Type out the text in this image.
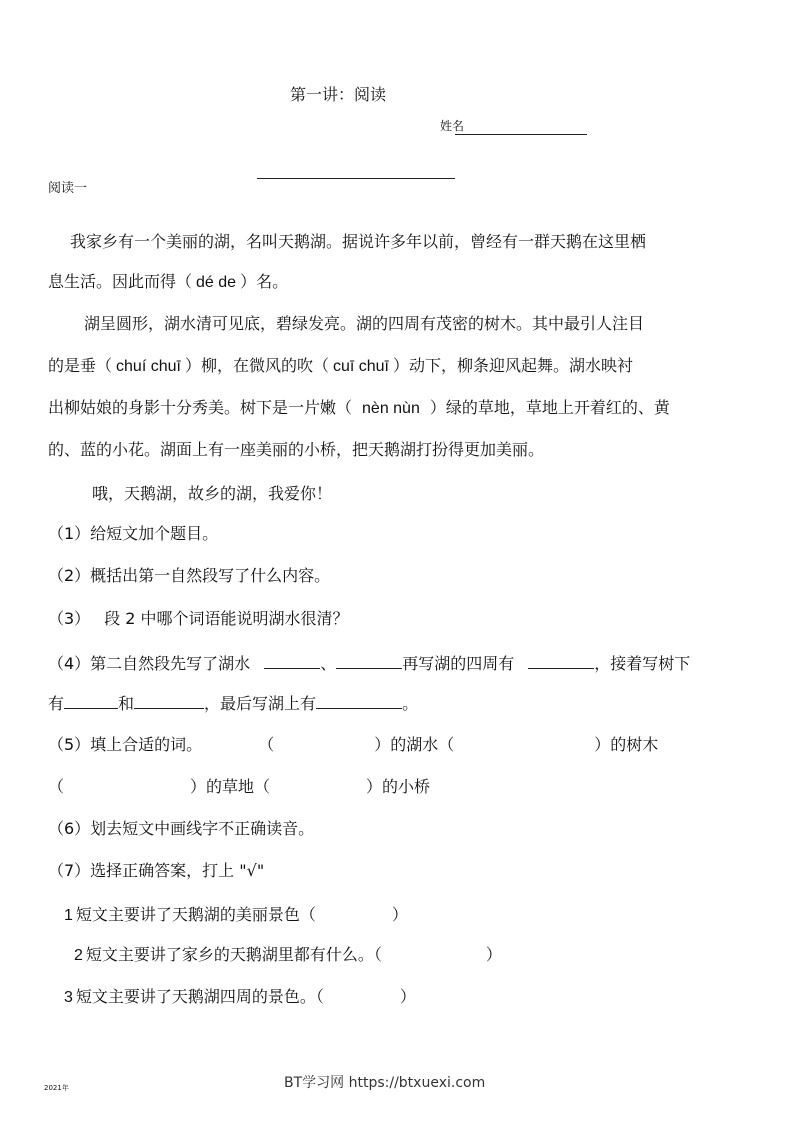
第一讲：阅读
姓名
阅读一
我家乡有一个美丽的湖，名叫天鹅湖。据说许多年以前，曾经有一群天鹅在这里栖
息生活。因此而得（ dé de ）名。
湖呈圆形，湖水清可见底，碧绿发亮。湖的四周有茂密的树木。其中最引人注目
的是垂（ chuí chuī ）柳，在微风的吹（ cuī chuī ）动下，柳条迎风起舞。湖水映衬
出柳姑娘的身影十分秀美。树下是一片嫩（ nèn nùn ）绿的草地，草地上开着红的、黄
的、蓝的小花。湖面上有一座美丽的小桥，把天鹅湖打扮得更加美丽。
哦，天鹅湖，故乡的湖，我爱你！
（1）给短文加个题目。
（2）概括出第一自然段写了什么内容。
（3） 段 2 中哪个词语能说明湖水很清？
（4）第二自然段先写了湖水	、	再写湖的四周有	，接着写树下
有	和	，最后写湖上有	。
（5）填上合适的词。	（	）的湖水（	）的树木
（	）的草地（	）的小桥
（6）划去短文中画线字不正确读音。
（7）选择正确答案，打上 "√"
1 短文主要讲了天鹅湖的美丽景色（	）
2 短文主要讲了家乡的天鹅湖里都有什么。（	）
3 短文主要讲了天鹅湖四周的景色。（	）
BT学习网 https://btxuexi.com
2021年
